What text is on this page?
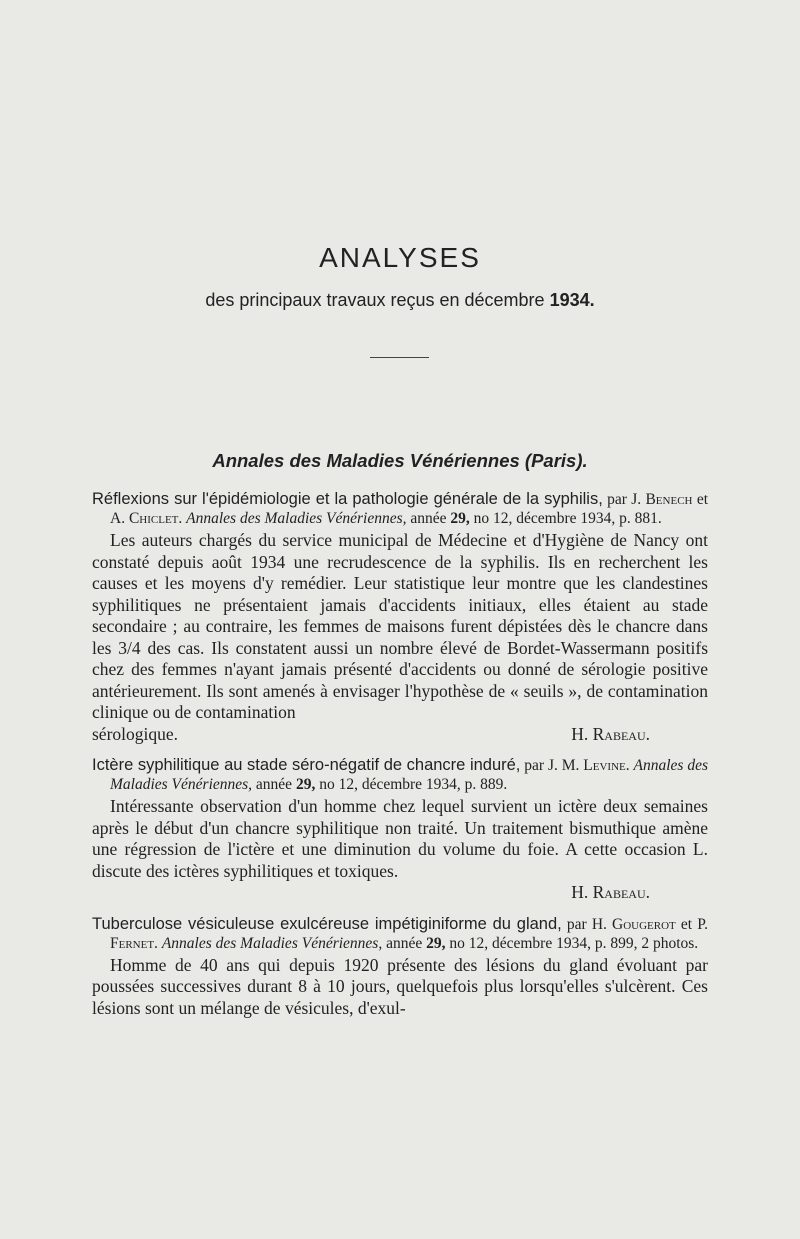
ANALYSES
des principaux travaux reçus en décembre 1934.
Annales des Maladies Vénériennes (Paris).
Réflexions sur l'épidémiologie et la pathologie générale de la syphilis, par J. Benech et A. Chiclet. Annales des Maladies Vénériennes, année 29, no 12, décembre 1934, p. 881.
Les auteurs chargés du service municipal de Médecine et d'Hygiène de Nancy ont constaté depuis août 1934 une recrudescence de la syphilis. Ils en recherchent les causes et les moyens d'y remédier. Leur statistique leur montre que les clandestines syphilitiques ne présentaient jamais d'accidents initiaux, elles étaient au stade secondaire ; au contraire, les femmes de maisons furent dépistées dès le chancre dans les 3/4 des cas. Ils constatent aussi un nombre élevé de Bordet-Wassermann positifs chez des femmes n'ayant jamais présenté d'accidents ou donné de sérologie positive antérieurement. Ils sont amenés à envisager l'hypothèse de « seuils », de contamination clinique ou de contamination
sérologique.	H. Rabeau.
Ictère syphilitique au stade séro-négatif de chancre induré, par J. M. Levine. Annales des Maladies Vénériennes, année 29, no 12, décembre 1934, p. 889.
Intéressante observation d'un homme chez lequel survient un ictère deux semaines après le début d'un chancre syphilitique non traité. Un traitement bismuthique amène une régression de l'ictère et une diminution du volume du foie. A cette occasion L. discute des ictères syphilitiques et toxiques.
H. Rabeau.
Tuberculose vésiculeuse exulcéreuse impétiginiforme du gland, par H. Gougerot et P. Fernet. Annales des Maladies Vénériennes, année 29, no 12, décembre 1934, p. 899, 2 photos.
Homme de 40 ans qui depuis 1920 présente des lésions du gland évoluant par poussées successives durant 8 à 10 jours, quelquefois plus lorsqu'elles s'ulcèrent. Ces lésions sont un mélange de vésicules, d'exul-
